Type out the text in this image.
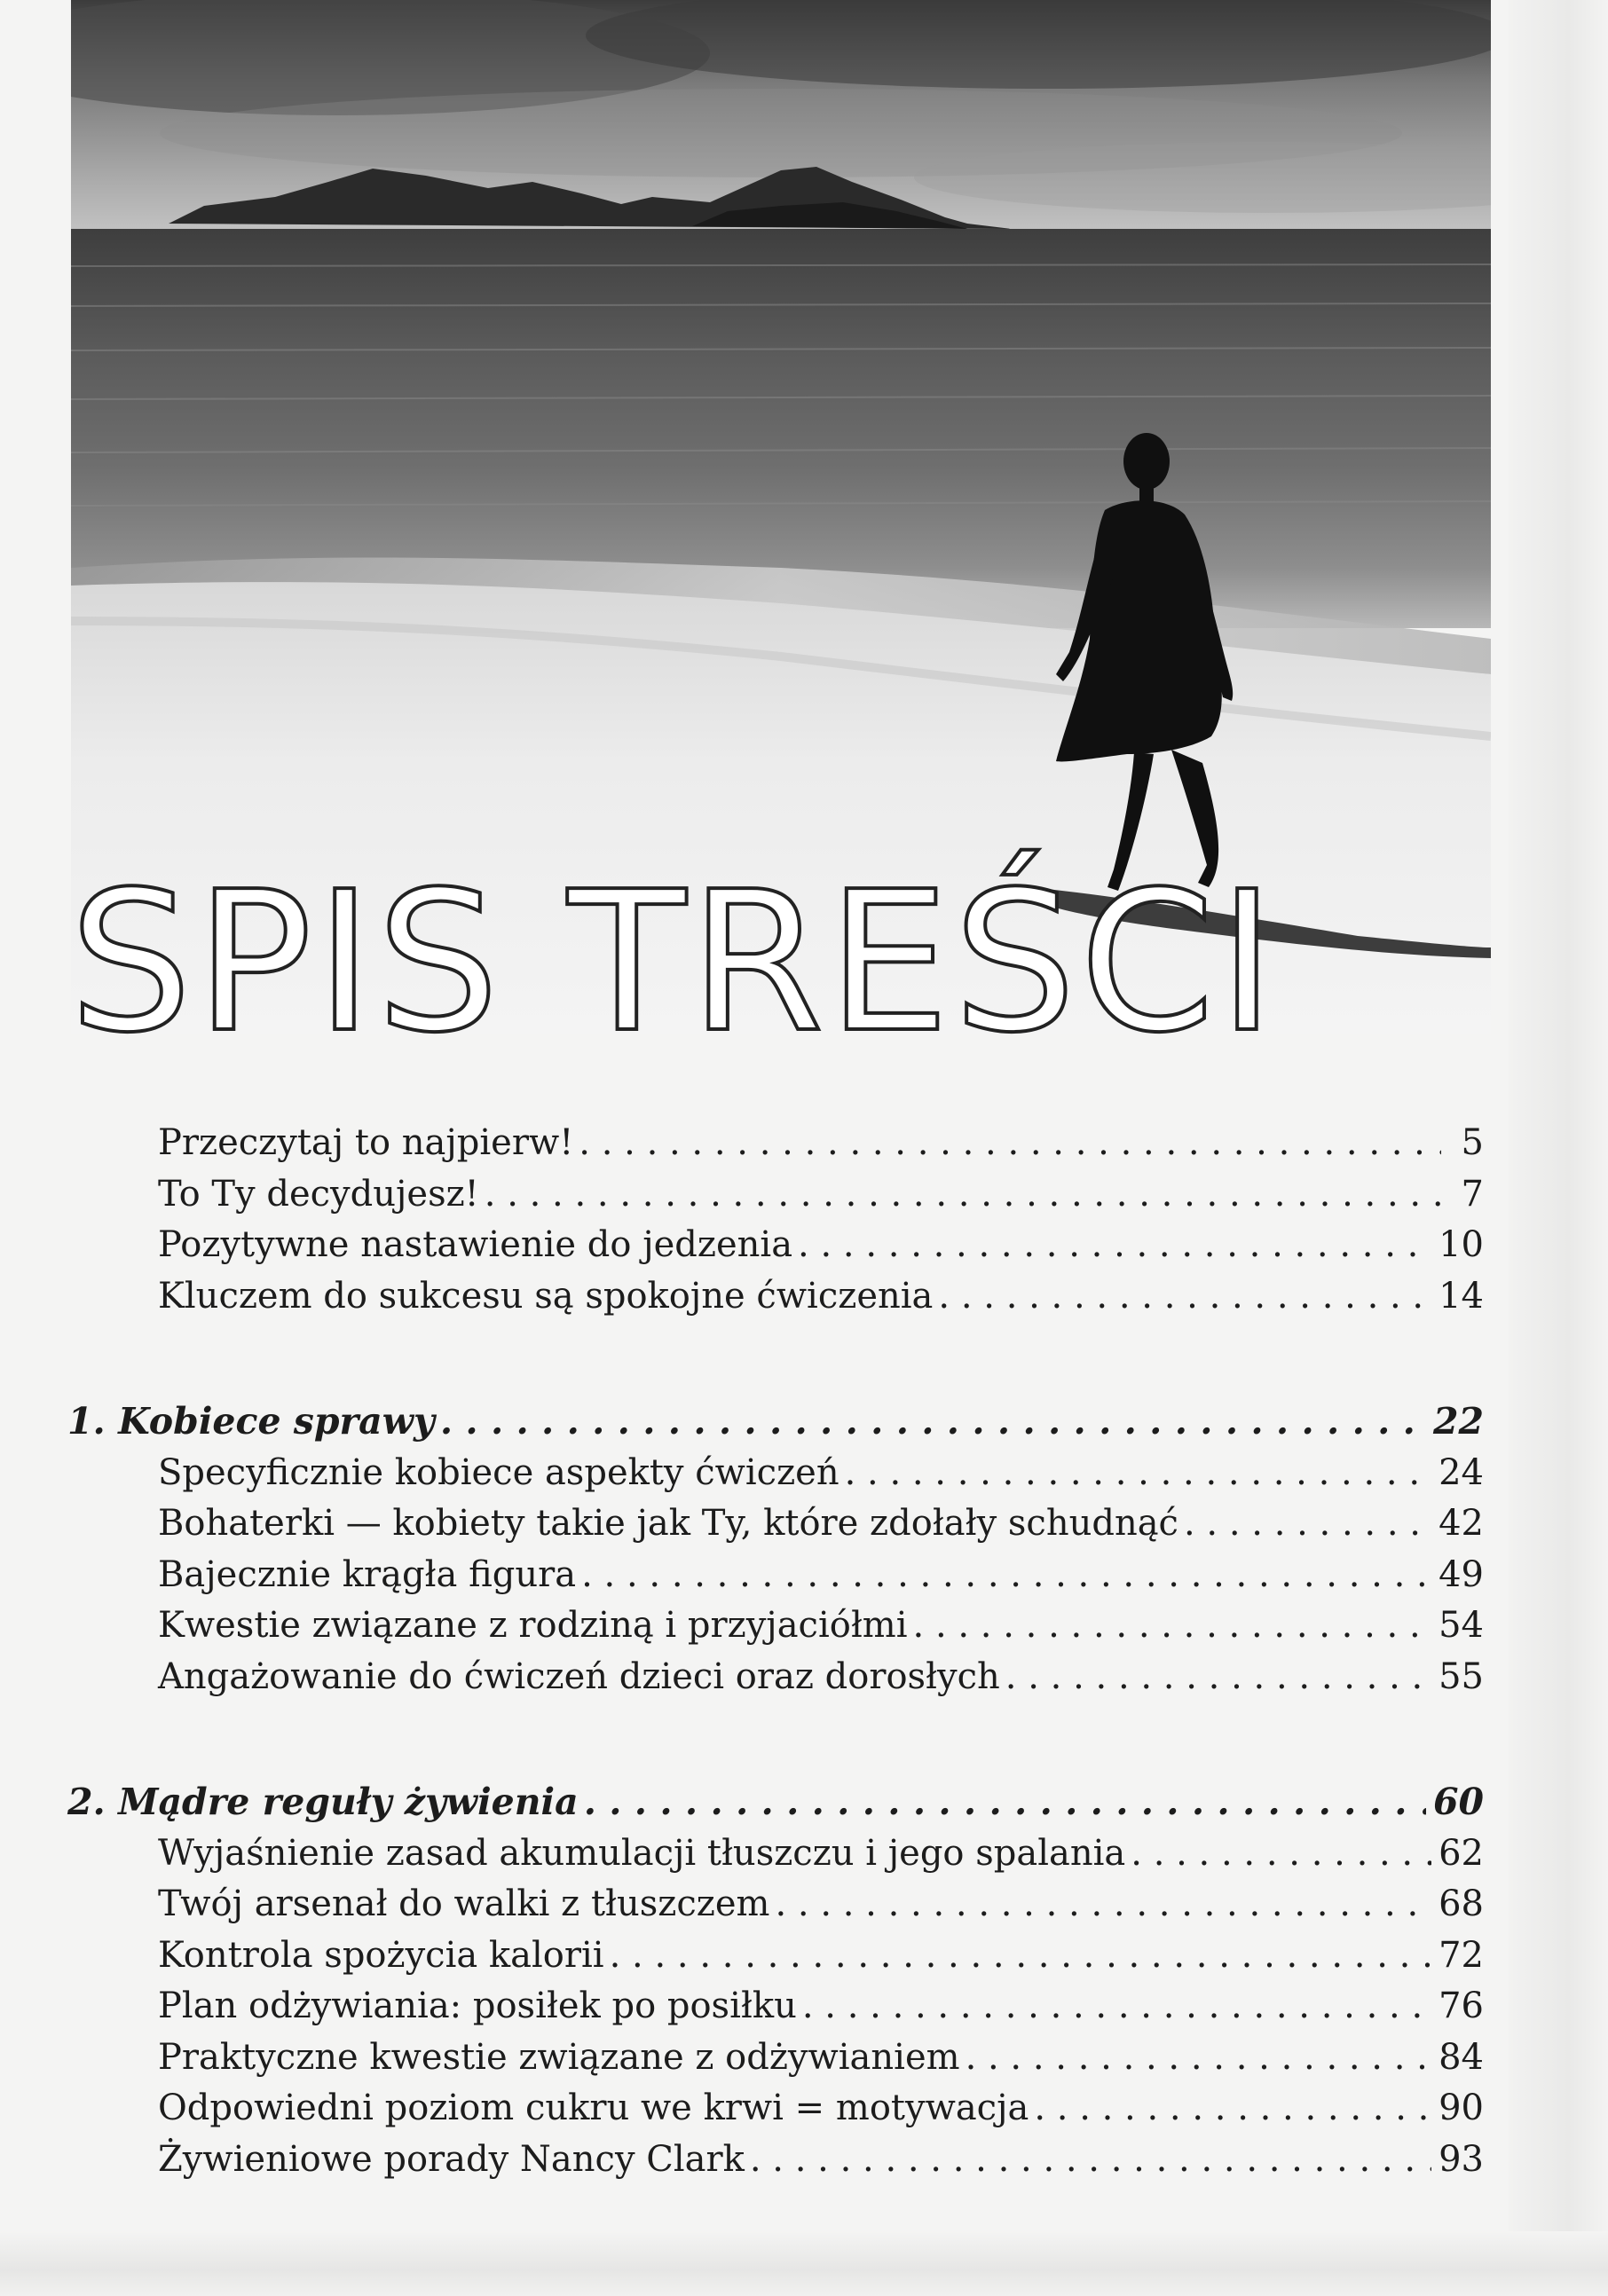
SPIS TREŚCI
Przeczytaj to najpierw! . . .	5
To Ty decydujesz! . . .	7
Pozytywne nastawienie do jedzenia . . .	10
Kluczem do sukcesu są spokojne ćwiczenia . . .	14
1. Kobiece sprawy . . .	22
Specyficznie kobiece aspekty ćwiczeń . . .	24
Bohaterki — kobiety takie jak Ty, które zdołały schudnąć . . .	42
Bajecznie krągła figura . . .	49
Kwestie związane z rodziną i przyjaciółmi . . .	54
Angażowanie do ćwiczeń dzieci oraz dorosłych . . .	55
2. Mądre reguły żywienia . . .	60
Wyjaśnienie zasad akumulacji tłuszczu i jego spalania . . .	62
Twój arsenał do walki z tłuszczem . . .	68
Kontrola spożycia kalorii . . .	72
Plan odżywiania: posiłek po posiłku . . .	76
Praktyczne kwestie związane z odżywianiem . . .	84
Odpowiedni poziom cukru we krwi = motywacja . . .	90
Żywieniowe porady Nancy Clark . . .	93
